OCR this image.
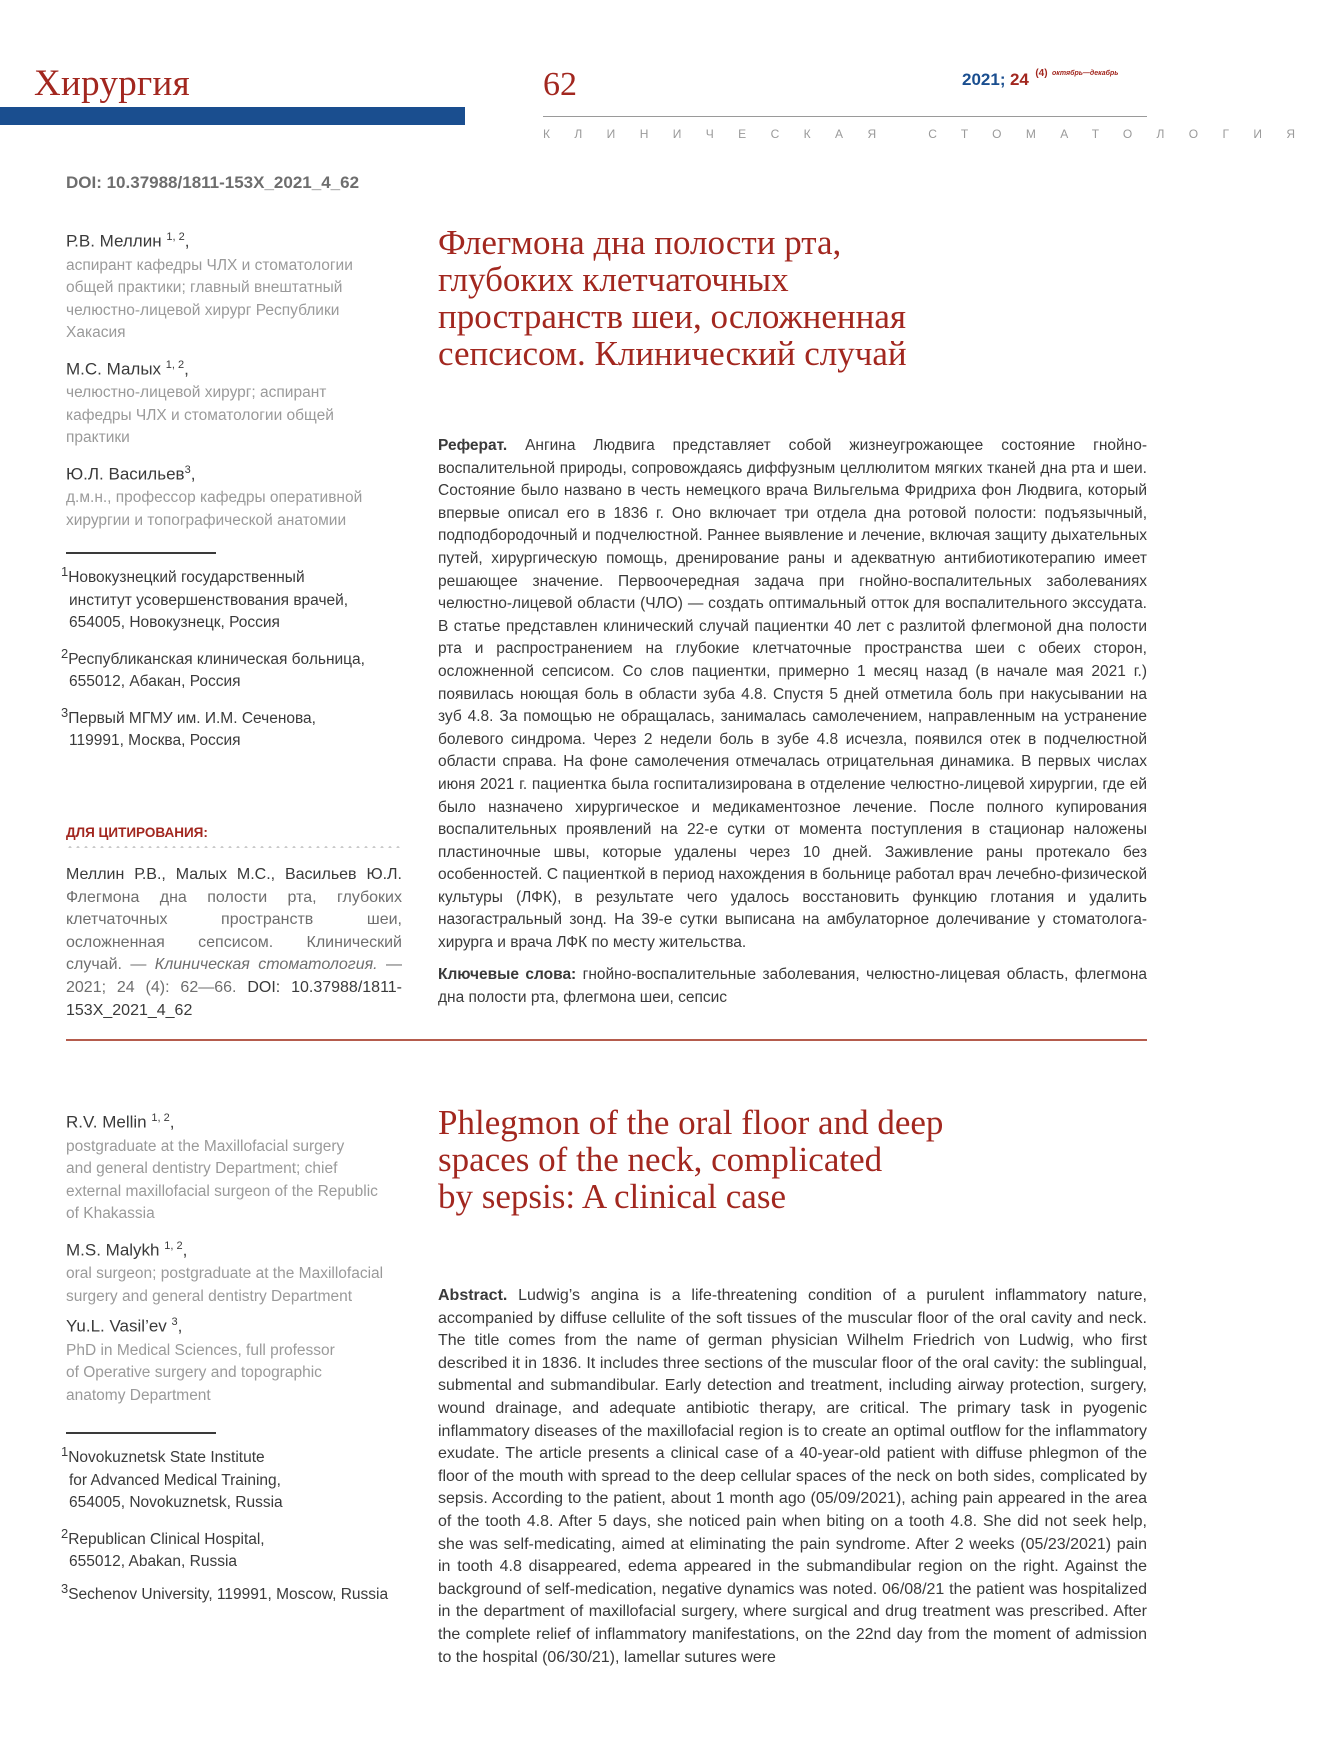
Хирургия	62	2021; 24 $^{(4)}$ $^{октябрь—декабрь}$
КЛИНИЧЕСКАЯ СТОМАТОЛОГИЯ
DOI: 10.37988/1811-153X_2021_4_62
Р.В. Меллин $^{1, 2}$,
аспирант кафедры ЧЛХ и стоматологии
общей практики; главный внештатный
челюстно-лицевой хирург Республики
Хакасия
М.С. Малых $^{1, 2}$,
челюстно-лицевой хирург; аспирант
кафедры ЧЛХ и стоматологии общей
практики
Ю.Л. Васильев$^3$,
д.м.н., профессор кафедры оперативной
хирургии и топографической анатомии
$^1$Новокузнецкий государственный
институт усовершенствования врачей,
654005, Новокузнецк, Россия
$^2$Республиканская клиническая больница,
655012, Абакан, Россия
$^3$Первый МГМУ им. И.М. Сеченова,
119991, Москва, Россия
ДЛЯ ЦИТИРОВАНИЯ:
Меллин Р.В., Малых М.С., Васильев Ю.Л. Флегмона дна полости рта, глубоких клетчаточных пространств шеи, осложненная сепсисом. Клинический случай. — Клиническая стоматология. — 2021; 24 (4): 62—66. DOI: 10.37988/1811-153X_2021_4_62
Флегмона дна полости рта,
глубоких клетчаточных
пространств шеи, осложненная
сепсисом. Клинический случай
Реферат. Ангина Людвига представляет собой жизнеугрожающее состояние гнойно-воспалительной природы, сопровождаясь диффузным целлюлитом мягких тканей дна рта и шеи. Состояние было названо в честь немецкого врача Вильгельма Фридриха фон Людвига, который впервые описал его в 1836 г. Оно включает три отдела дна ротовой полости: подъязычный, подподбородочный и подчелюстной. Раннее выявление и лечение, включая защиту дыхательных путей, хирургическую помощь, дренирование раны и адекватную антибиотикотерапию имеет решающее значение. Первоочередная задача при гнойно-воспалительных заболеваниях челюстно-лицевой области (ЧЛО) — создать оптимальный отток для воспалительного экссудата. В статье представлен клинический случай пациентки 40 лет с разлитой флегмоной дна полости рта и распространением на глубокие клетчаточные пространства шеи с обеих сторон, осложненной сепсисом. Со слов пациентки, примерно 1 месяц назад (в начале мая 2021 г.) появилась ноющая боль в области зуба 4.8. Спустя 5 дней отметила боль при накусывании на зуб 4.8. За помощью не обращалась, занималась самолечением, направленным на устранение болевого синдрома. Через 2 недели боль в зубе 4.8 исчезла, появился отек в подчелюстной области справа. На фоне самолечения отмечалась отрицательная динамика. В первых числах июня 2021 г. пациентка была госпитализирована в отделение челюстно-лицевой хирургии, где ей было назначено хирургическое и медикаментозное лечение. После полного купирования воспалительных проявлений на 22-е сутки от момента поступления в стационар наложены пластиночные швы, которые удалены через 10 дней. Заживление раны протекало без особенностей. С пациенткой в период нахождения в больнице работал врач лечебно-физической культуры (ЛФК), в результате чего удалось восстановить функцию глотания и удалить назогастральный зонд. На 39-е сутки выписана на амбулаторное долечивание у стоматолога-хирурга и врача ЛФК по месту жительства.
Ключевые слова: гнойно-воспалительные заболевания, челюстно-лицевая область, флегмона дна полости рта, флегмона шеи, сепсис
R.V. Mellin $^{1, 2}$,
postgraduate at the Maxillofacial surgery
and general dentistry Department; chief
external maxillofacial surgeon of the Republic
of Khakassia
M.S. Malykh $^{1, 2}$,
oral surgeon; postgraduate at the Maxillofacial
surgery and general dentistry Department
Yu.L. Vasil’ev $^3$,
PhD in Medical Sciences, full professor
of Operative surgery and topographic
anatomy Department
$^1$Novokuznetsk State Institute
for Advanced Medical Training,
654005, Novokuznetsk, Russia
$^2$Republican Clinical Hospital,
655012, Abakan, Russia
$^3$Sechenov University, 119991, Moscow, Russia
Phlegmon of the oral floor and deep
spaces of the neck, complicated
by sepsis: A clinical case
Abstract. Ludwig’s angina is a life-threatening condition of a purulent inflammatory nature, accompanied by diffuse cellulite of the soft tissues of the muscular floor of the oral cavity and neck. The title comes from the name of german physician Wilhelm Friedrich von Ludwig, who first described it in 1836. It includes three sections of the muscular floor of the oral cavity: the sublingual, submental and submandibular. Early detection and treatment, including airway protection, surgery, wound drainage, and adequate antibiotic therapy, are critical. The primary task in pyogenic inflammatory diseases of the maxillofacial region is to create an optimal outflow for the inflammatory exudate. The article presents a clinical case of a 40-year-old patient with diffuse phlegmon of the floor of the mouth with spread to the deep cellular spaces of the neck on both sides, complicated by sepsis. According to the patient, about 1 month ago (05/09/2021), aching pain appeared in the area of the tooth 4.8. After 5 days, she noticed pain when biting on a tooth 4.8. She did not seek help, she was self-medicating, aimed at eliminating the pain syndrome. After 2 weeks (05/23/2021) pain in tooth 4.8 disappeared, edema appeared in the submandibular region on the right. Against the background of self-medication, negative dynamics was noted. 06/08/21 the patient was hospitalized in the department of maxillofacial surgery, where surgical and drug treatment was prescribed. After the complete relief of inflammatory manifestations, on the 22nd day from the moment of admission to the hospital (06/30/21), lamellar sutures were
